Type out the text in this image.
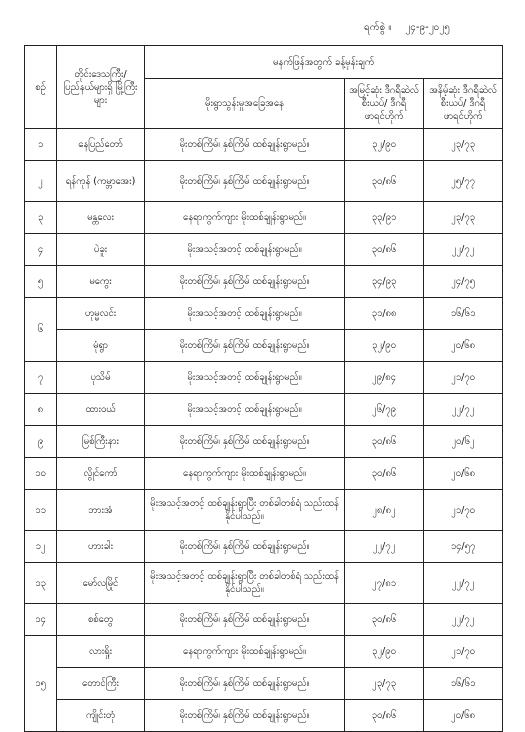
ရက်စွဲ ။ ၂၄-၉-၂၀၂၅
စဉ်	တိုင်းဒေသကြီး/ ပြည်နယ်များရှိ မြို့ကြီးများ	မနက်ဖြန်အတွက် ခန့်မှန်းချက်		
		မိုးရွာသွန်းမှုအခြေအနေ	အမြင့်ဆုံး ဒီဂရီဆဲလ်စီးယပ်/ ဒီဂရီဖာရင်ဟိုက်	အနိမ့်ဆုံး ဒီဂရီဆဲလ်စီးယပ်/ ဒီဂရီဖာရင်ဟိုက်
၁	နေပြည်တော်	မိုးတစ်ကြိမ်၊ နှစ်ကြိမ် ထစ်ချုန်းရွာမည်။	၃၂/၉၀	၂၃/၇၃
၂	ရန်ကုန် (ကမ္ဘာအေး)	မိုးတစ်ကြိမ်၊ နှစ်ကြိမ် ထစ်ချုန်းရွာမည်။	၃၀/၈၆	၂၅/၇၇
၃	မန္တလေး	နေရာကွက်ကျား မိုးထစ်ချုန်းရွာမည်။	၃၃/၉၁	၂၃/၇၃
၄	ပဲခူး	မိုးအသင့်အတင့် ထစ်ချုန်းရွာမည်။	၃၀/၈၆	၂၂/၇၂
၅	မကွေး	မိုးတစ်ကြိမ်၊ နှစ်ကြိမ် ထစ်ချုန်းရွာမည်။	၃၄/၉၃	၂၄/၇၅
၆	ဟုမ္မလင်း	မိုးအသင့်အတင့် ထစ်ချုန်းရွာမည်။	၃၁/၈၈	၁၆/၆၁
	မုံရွာ	မိုးတစ်ကြိမ်၊ နှစ်ကြိမ် ထစ်ချုန်းရွာမည်။	၃၂/၉၀	၂၀/၆၈
၇	ပုသိမ်	မိုးအသင့်အတင့် ထစ်ချုန်းရွာမည်။	၂၉/၈၄	၂၁/၇၀
၈	ထားဝယ်	မိုးအသင့်အတင့် ထစ်ချုန်းရွာမည်။	၂၆/၇၉	၂၂/၇၂
၉	မြစ်ကြီးနား	မိုးတစ်ကြိမ်၊ နှစ်ကြိမ် ထစ်ချုန်းရွာမည်။	၃၀/၈၆	၂၀/၆၂
၁၀	လွိုင်ကော်	နေရာကွက်ကျား မိုးထစ်ချုန်းရွာမည်။	၃၀/၈၆	၂၀/၆၈
၁၁	ဘားအံ	မိုးအသင့်အတင့် ထစ်ချုန်းရွာပြီး တစ်ခါတစ်ရံ သည်းထန်နိုင်ပါသည်။	၂၈/၈၂	၂၁/၇၀
၁၂	ဟားခါး	မိုးတစ်ကြိမ်၊ နှစ်ကြိမ် ထစ်ချုန်းရွာမည်။	၂၂/၇၂	၁၄/၅၇
၁၃	မော်လမြိုင်	မိုးအသင့်အတင့် ထစ်ချုန်းရွာပြီး တစ်ခါတစ်ရံ သည်းထန်နိုင်ပါသည်။	၂၇/၈၁	၂၂/၇၂
၁၄	စစ်တွေ	မိုးတစ်ကြိမ်၊ နှစ်ကြိမ် ထစ်ချုန်းရွာမည်။	၃၀/၈၆	၂၂/၇၂
၁၅	လားရှိုး	နေရာကွက်ကျား မိုးထစ်ချုန်းရွာမည်။	၃၂/၉၀	၂၁/၇၀
	တောင်ကြီး	မိုးတစ်ကြိမ်၊ နှစ်ကြိမ် ထစ်ချုန်းရွာမည်။	၂၃/၇၃	၁၆/၆၁
	ကျိုင်းတုံ	မိုးတစ်ကြိမ်၊ နှစ်ကြိမ် ထစ်ချုန်းရွာမည်။	၃၀/၈၆	၂၀/၆၈
